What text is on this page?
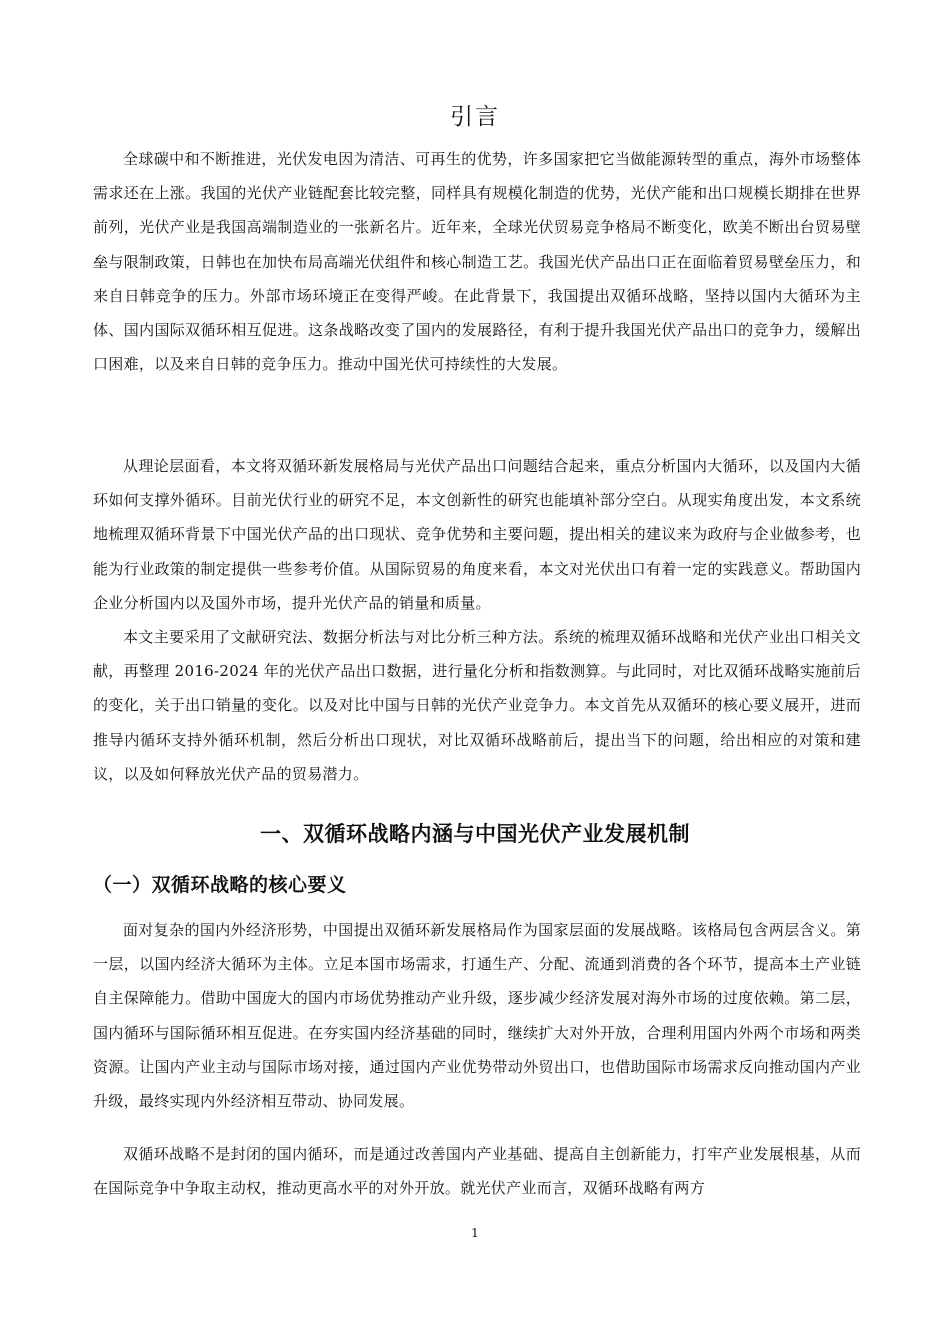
引言

全球碳中和不断推进，光伏发电因为清洁、可再生的优势，许多国家把它当做能源转型的重点，海外市场整体需求还在上涨。我国的光伏产业链配套比较完整，同样具有规模化制造的优势，光伏产能和出口规模长期排在世界前列，光伏产业是我国高端制造业的一张新名片。近年来，全球光伏贸易竞争格局不断变化，欧美不断出台贸易壁垒与限制政策，日韩也在加快布局高端光伏组件和核心制造工艺。我国光伏产品出口正在面临着贸易壁垒压力，和来自日韩竞争的压力。外部市场环境正在变得严峻。在此背景下，我国提出双循环战略，坚持以国内大循环为主体、国内国际双循环相互促进。这条战略改变了国内的发展路径，有利于提升我国光伏产品出口的竞争力，缓解出口困难，以及来自日韩的竞争压力。推动中国光伏可持续性的大发展。

从理论层面看，本文将双循环新发展格局与光伏产品出口问题结合起来，重点分析国内大循环，以及国内大循环如何支撑外循环。目前光伏行业的研究不足，本文创新性的研究也能填补部分空白。从现实角度出发，本文系统地梳理双循环背景下中国光伏产品的出口现状、竞争优势和主要问题，提出相关的建议来为政府与企业做参考，也能为行业政策的制定提供一些参考价值。从国际贸易的角度来看，本文对光伏出口有着一定的实践意义。帮助国内企业分析国内以及国外市场，提升光伏产品的销量和质量。

本文主要采用了文献研究法、数据分析法与对比分析三种方法。系统的梳理双循环战略和光伏产业出口相关文献，再整理 2016-2024 年的光伏产品出口数据，进行量化分析和指数测算。与此同时，对比双循环战略实施前后的变化，关于出口销量的变化。以及对比中国与日韩的光伏产业竞争力。本文首先从双循环的核心要义展开，进而推导内循环支持外循环机制，然后分析出口现状，对比双循环战略前后，提出当下的问题，给出相应的对策和建议，以及如何释放光伏产品的贸易潜力。

一、双循环战略内涵与中国光伏产业发展机制
（一）双循环战略的核心要义

面对复杂的国内外经济形势，中国提出双循环新发展格局作为国家层面的发展战略。该格局包含两层含义。第一层，以国内经济大循环为主体。立足本国市场需求，打通生产、分配、流通到消费的各个环节，提高本土产业链自主保障能力。借助中国庞大的国内市场优势推动产业升级，逐步减少经济发展对海外市场的过度依赖。第二层，国内循环与国际循环相互促进。在夯实国内经济基础的同时，继续扩大对外开放，合理利用国内外两个市场和两类资源。让国内产业主动与国际市场对接，通过国内产业优势带动外贸出口，也借助国际市场需求反向推动国内产业升级，最终实现内外经济相互带动、协同发展。

双循环战略不是封闭的国内循环，而是通过改善国内产业基础、提高自主创新能力，打牢产业发展根基，从而在国际竞争中争取主动权，推动更高水平的对外开放。就光伏产业而言，双循环战略有两方

1
